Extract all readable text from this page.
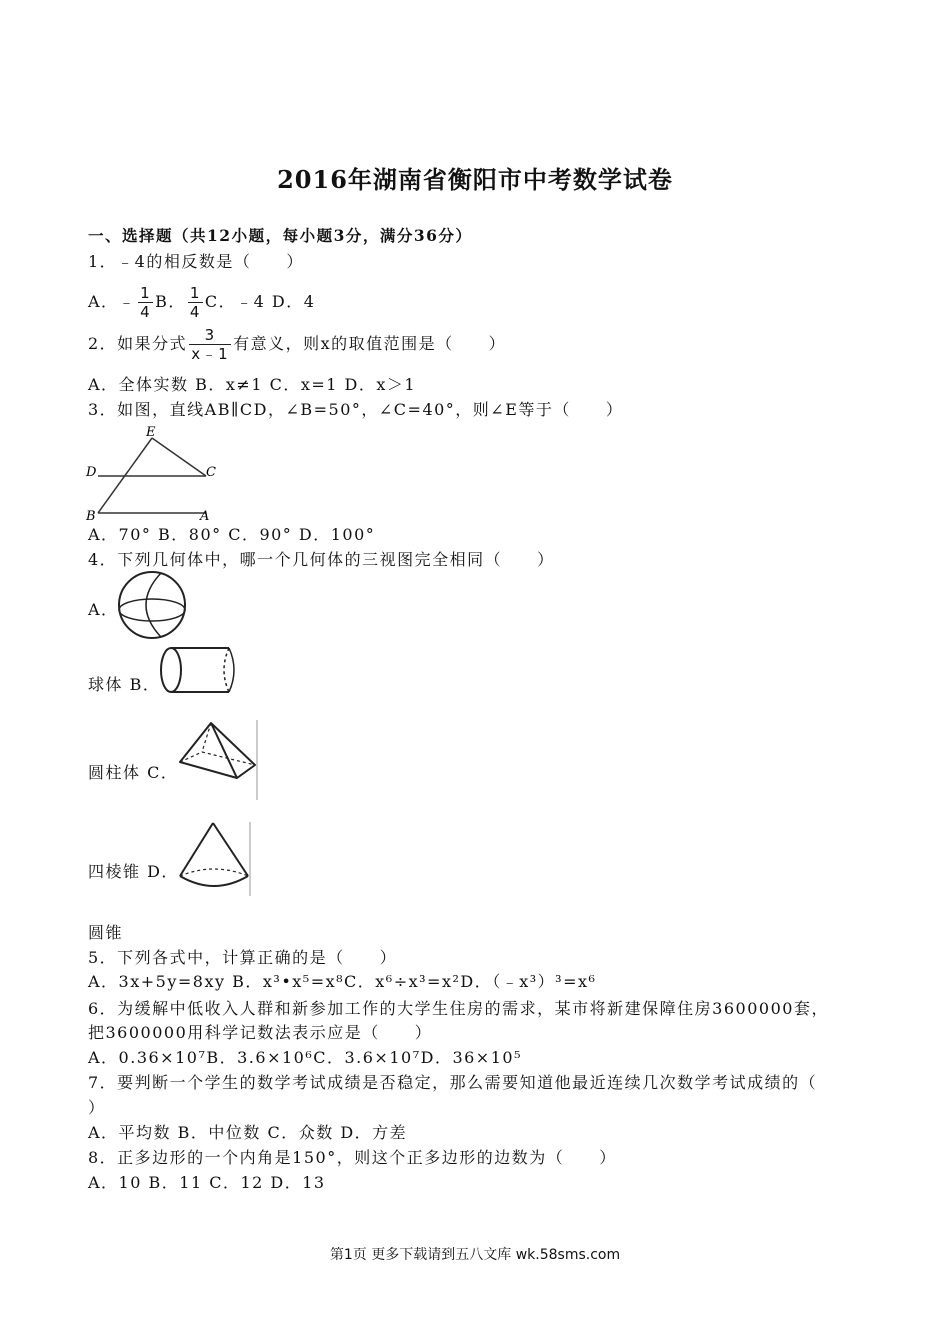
2016年湖南省衡阳市中考数学试卷
一、选择题（共12小题，每小题3分，满分36分）
1．﹣4的相反数是（　　）
A．﹣ $\frac{1}{4}$ B． $\frac{1}{4}$ C．﹣4 D．4
2．如果分式 $\frac{3}{x﹣1}$ 有意义，则x的取值范围是（　　）
A．全体实数 B．x≠1 C．x=1 D．x＞1
3．如图，直线AB∥CD，∠B=50°，∠C=40°，则∠E等于（　　）
E
D	C
B	A
A．70° B．80° C．90° D．100°
4．下列几何体中，哪一个几何体的三视图完全相同（　　）
A．
球体 B．
圆柱体 C．
四棱锥 D．
圆锥
5．下列各式中，计算正确的是（　　）
A．3x+5y=8xy B．x³•x⁵=x⁸C．x⁶÷x³=x²D．（﹣x³）³=x⁶
6．为缓解中低收入人群和新参加工作的大学生住房的需求，某市将新建保障住房3600000套，
把3600000用科学记数法表示应是（　　）
A．0.36×10⁷B．3.6×10⁶C．3.6×10⁷D．36×10⁵
7．要判断一个学生的数学考试成绩是否稳定，那么需要知道他最近连续几次数学考试成绩的（
）
A．平均数 B．中位数 C．众数 D．方差
8．正多边形的一个内角是150°，则这个正多边形的边数为（　　）
A．10 B．11 C．12 D．13
第1页 更多下载请到五八文库 wk.58sms.com
